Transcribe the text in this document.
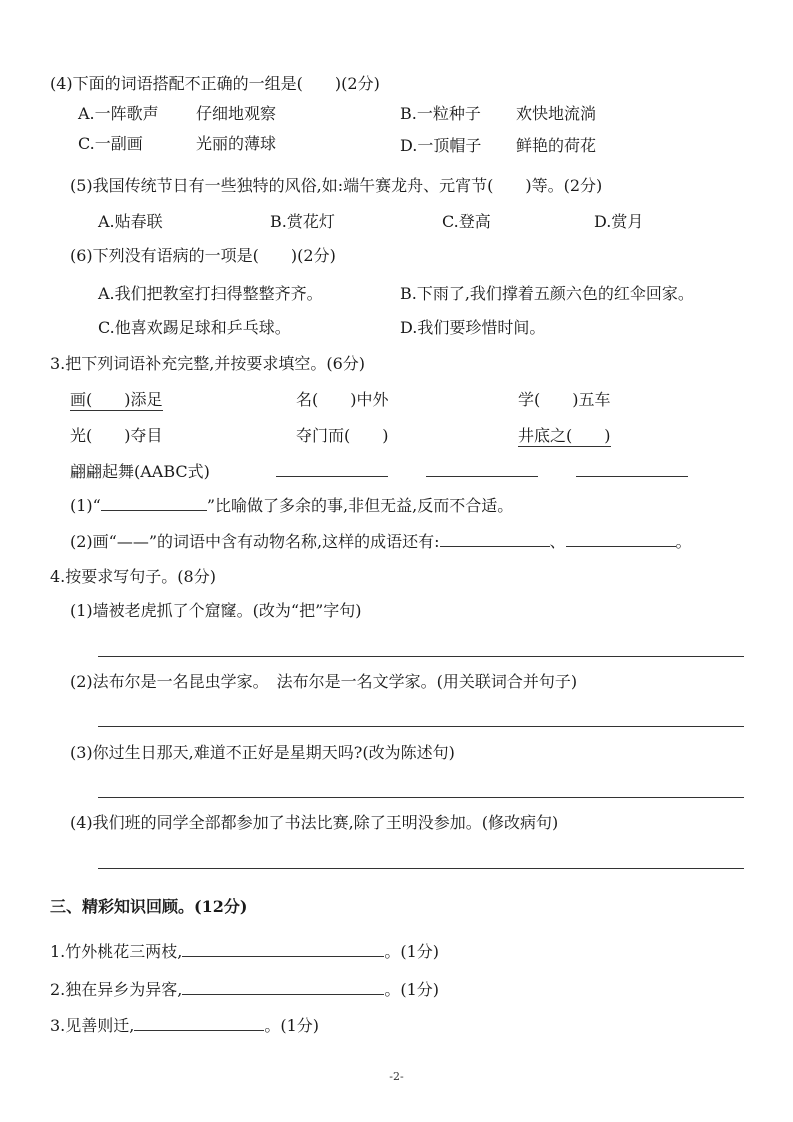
(4)下面的词语搭配不正确的一组是(　　)(2分)
A.一阵歌声 仔细地观察	B.一粒种子 欢快地流淌
C.一副画	光丽的薄球	D.一顶帽子 鲜艳的荷花
(5)我国传统节日有一些独特的风俗,如:端午赛龙舟、元宵节(　　)等。(2分)
A.贴春联	B.赏花灯	C.登高	D.赏月
(6)下列没有语病的一项是(　　)(2分)
A.我们把教室打扫得整整齐齐。	B.下雨了,我们撑着五颜六色的红伞回家。
C.他喜欢踢足球和乒乓球。	D.我们要珍惜时间。
3.把下列词语补充完整,并按要求填空。(6分)
画(　　)添足	名(　　)中外	学(　　)五车
光(　　)夺目	夺门而(　　)	井底之(　　)
翩翩起舞(AABC式)
(1)“	”比喻做了多余的事,非但无益,反而不合适。
(2)画“——”的词语中含有动物名称,这样的成语还有:	、	。
4.按要求写句子。(8分)
(1)墙被老虎抓了个窟窿。(改为“把”字句)
(2)法布尔是一名昆虫学家。　法布尔是一名文学家。(用关联词合并句子)
(3)你过生日那天,难道不正好是星期天吗?(改为陈述句)
(4)我们班的同学全部都参加了书法比赛,除了王明没参加。(修改病句)
三、精彩知识回顾。(12分)
1.竹外桃花三两枝,	。(1分)
2.独在异乡为异客,	。(1分)
3.见善则迁,	。(1分)
-2-
